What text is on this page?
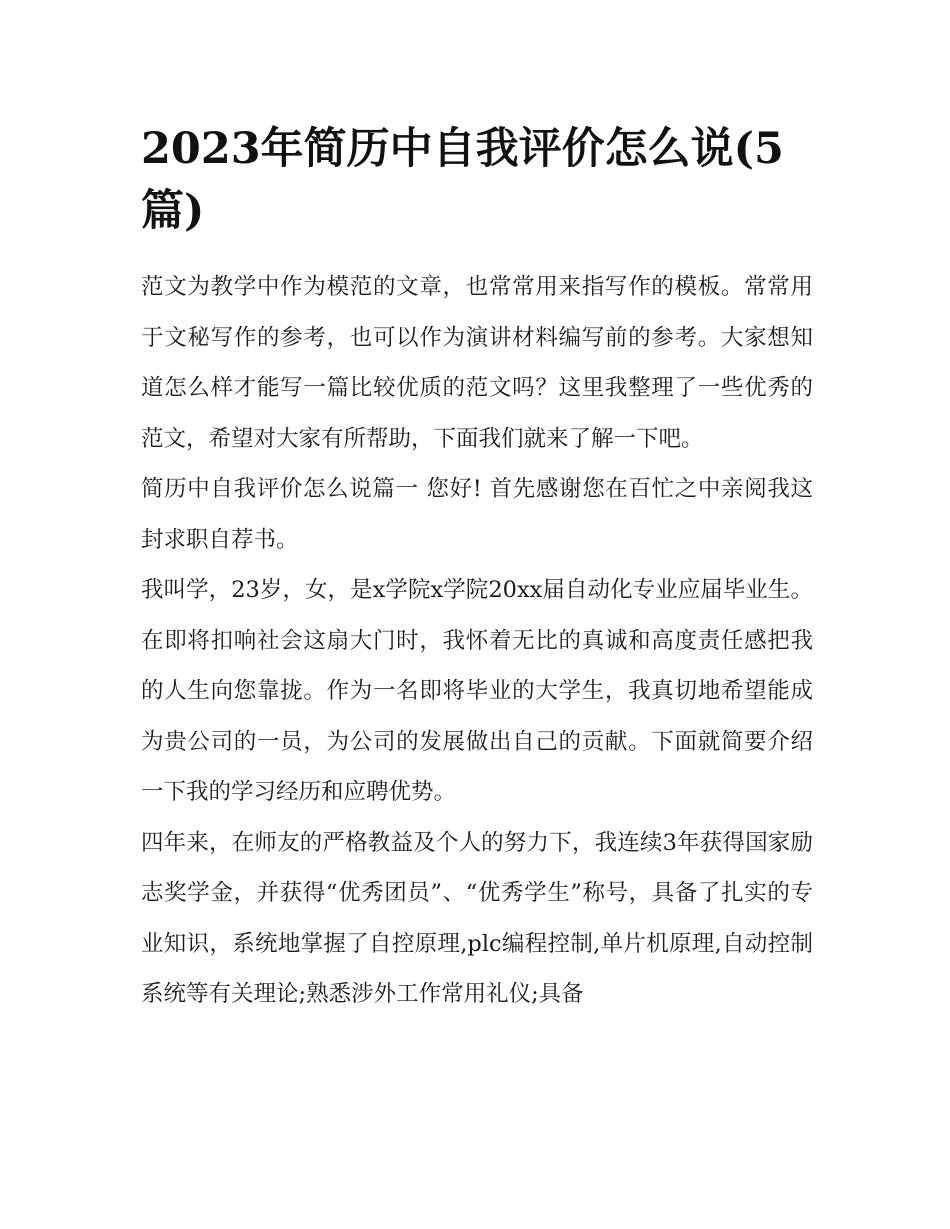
2023年简历中自我评价怎么说(5篇)

范文为教学中作为模范的文章，也常常用来指写作的模板。常常用于文秘写作的参考，也可以作为演讲材料编写前的参考。大家想知道怎么样才能写一篇比较优质的范文吗？这里我整理了一些优秀的范文，希望对大家有所帮助，下面我们就来了解一下吧。

简历中自我评价怎么说篇一 您好! 首先感谢您在百忙之中亲阅我这封求职自荐书。

我叫学，23岁，女，是x学院x学院20xx届自动化专业应届毕业生。在即将扣响社会这扇大门时，我怀着无比的真诚和高度责任感把我的人生向您靠拢。作为一名即将毕业的大学生，我真切地希望能成为贵公司的一员，为公司的发展做出自己的贡献。下面就简要介绍一下我的学习经历和应聘优势。

四年来，在师友的严格教益及个人的努力下，我连续3年获得国家励志奖学金，并获得“优秀团员”、“优秀学生”称号，具备了扎实的专业知识，系统地掌握了自控原理,plc编程控制,单片机原理,自动控制系统等有关理论;熟悉涉外工作常用礼仪;具备
